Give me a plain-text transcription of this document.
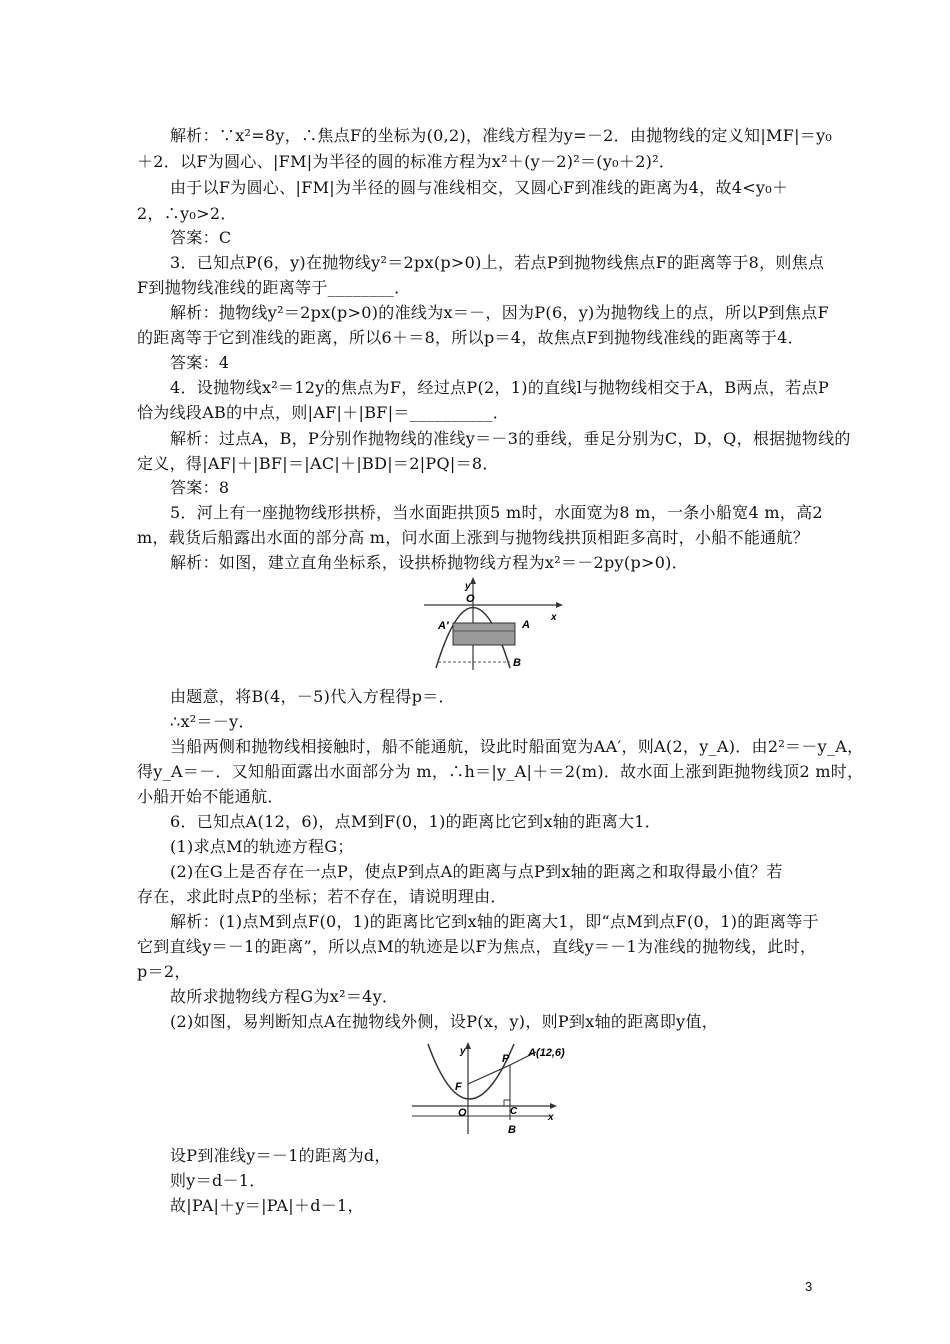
解析：∵x²=8y，∴焦点F的坐标为(0,2)，准线方程为y=－2．由抛物线的定义知|MF|＝y₀
＋2．以F为圆心、|FM|为半径的圆的标准方程为x²＋(y－2)²＝(y₀＋2)²．
由于以F为圆心、|FM|为半径的圆与准线相交，又圆心F到准线的距离为4，故4<y₀＋
2，∴y₀>2．
答案：C
3．已知点P(6，y)在抛物线y²＝2px(p>0)上，若点P到抛物线焦点F的距离等于8，则焦点
F到抛物线准线的距离等于________．
解析：抛物线y²＝2px(p>0)的准线为x＝－，因为P(6，y)为抛物线上的点，所以P到焦点F
的距离等于它到准线的距离，所以6＋＝8，所以p＝4，故焦点F到抛物线准线的距离等于4．
答案：4
4．设抛物线x²＝12y的焦点为F，经过点P(2，1)的直线l与抛物线相交于A，B两点，若点P
恰为线段AB的中点，则|AF|＋|BF|＝__________．
解析：过点A，B，P分别作抛物线的准线y＝－3的垂线，垂足分别为C，D，Q，根据抛物线的
定义，得|AF|＋|BF|＝|AC|＋|BD|＝2|PQ|＝8．
答案：8
5．河上有一座抛物线形拱桥，当水面距拱顶5 m时，水面宽为8 m，一条小船宽4 m，高2
m，载货后船露出水面的部分高 m，问水面上涨到与抛物线拱顶相距多高时，小船不能通航？
解析：如图，建立直角坐标系，设拱桥抛物线方程为x²＝－2py(p>0)．
y
O
x
A′	A
B
由题意，将B(4，－5)代入方程得p＝．
∴x²＝－y．
当船两侧和抛物线相接触时，船不能通航，设此时船面宽为AA′，则A(2，y_A)．由2²＝－y_A，
得y_A＝－．又知船面露出水面部分为 m，∴h＝|y_A|＋＝2(m)．故水面上涨到距抛物线顶2 m时，
小船开始不能通航．
6．已知点A(12，6)，点M到F(0，1)的距离比它到x轴的距离大1．
(1)求点M的轨迹方程G；
(2)在G上是否存在一点P，使点P到点A的距离与点P到x轴的距离之和取得最小值？若
存在，求此时点P的坐标；若不存在，请说明理由．
解析：(1)点M到点F(0，1)的距离比它到x轴的距离大1，即“点M到点F(0，1)的距离等于
它到直线y＝－1的距离”，所以点M的轨迹是以F为焦点，直线y＝－1为准线的抛物线，此时，
p＝2，
故所求抛物线方程G为x²＝4y．
(2)如图，易判断知点A在抛物线外侧，设P(x，y)，则P到x轴的距离即y值，
y
P A(12,6)
F
O	C
x
B
设P到准线y＝－1的距离为d，
则y＝d－1．
故|PA|＋y＝|PA|＋d－1，
3
